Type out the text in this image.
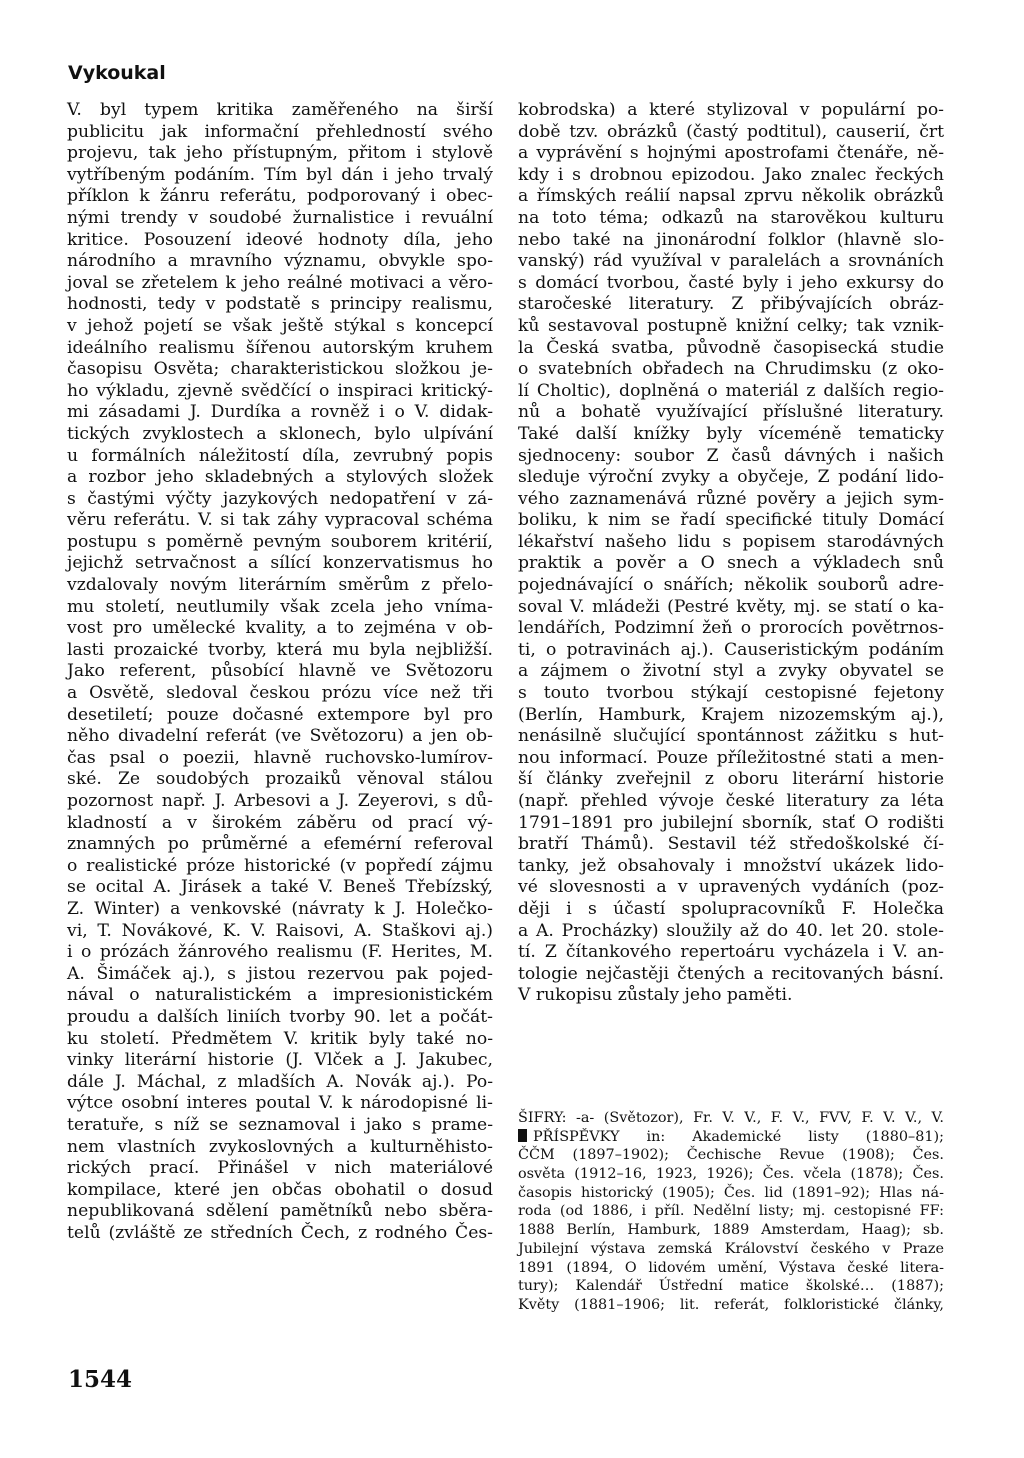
Vykoukal
V. byl typem kritika zaměřeného na širší
publicitu jak informační přehledností svého
projevu, tak jeho přístupným, přitom i stylově
vytříbeným podáním. Tím byl dán i jeho trvalý
příklon k žánru referátu, podporovaný i obec-
nými trendy v soudobé žurnalistice i revuální
kritice. Posouzení ideové hodnoty díla, jeho
národního a mravního významu, obvykle spo-
joval se zřetelem k jeho reálné motivaci a věro-
hodnosti, tedy v podstatě s principy realismu,
v jehož pojetí se však ještě stýkal s koncepcí
ideálního realismu šířenou autorským kruhem
časopisu Osvěta; charakteristickou složkou je-
ho výkladu, zjevně svědčící o inspiraci kritický-
mi zásadami J. Durdíka a rovněž i o V. didak-
tických zvyklostech a sklonech, bylo ulpívání
u formálních náležitostí díla, zevrubný popis
a rozbor jeho skladebných a stylových složek
s častými výčty jazykových nedopatření v zá-
věru referátu. V. si tak záhy vypracoval schéma
postupu s poměrně pevným souborem kritérií,
jejichž setrvačnost a sílící konzervatismus ho
vzdalovaly novým literárním směrům z přelo-
mu století, neutlumily však zcela jeho vníma-
vost pro umělecké kvality, a to zejména v ob-
lasti prozaické tvorby, která mu byla nejbližší.
Jako referent, působící hlavně ve Světozoru
a Osvětě, sledoval českou prózu více než tři
desetiletí; pouze dočasné extempore byl pro
něho divadelní referát (ve Světozoru) a jen ob-
čas psal o poezii, hlavně ruchovsko-lumírov-
ské. Ze soudobých prozaiků věnoval stálou
pozornost např. J. Arbesovi a J. Zeyerovi, s dů-
kladností a v širokém záběru od prací vý-
znamných po průměrné a efemérní referoval
o realistické próze historické (v popředí zájmu
se ocital A. Jirásek a také V. Beneš Třebízský,
Z. Winter) a venkovské (návraty k J. Holečko-
vi, T. Novákové, K. V. Raisovi, A. Staškovi aj.)
i o prózách žánrového realismu (F. Herites, M.
A. Šimáček aj.), s jistou rezervou pak pojed-
nával o naturalistickém a impresionistickém
proudu a dalších liniích tvorby 90. let a počát-
ku století. Předmětem V. kritik byly také no-
vinky literární historie (J. Vlček a J. Jakubec,
dále J. Máchal, z mladších A. Novák aj.). Po-
výtce osobní interes poutal V. k národopisné li-
teratuře, s níž se seznamoval i jako s prame-
nem vlastních zvykoslovných a kulturněhisto-
rických prací. Přinášel v nich materiálové
kompilace, které jen občas obohatil o dosud
nepublikovaná sdělení pamětníků nebo sběra-
telů (zvláště ze středních Čech, z rodného Čes-
kobrodska) a které stylizoval v populární po-
době tzv. obrázků (častý podtitul), causerií, črt
a vyprávění s hojnými apostrofami čtenáře, ně-
kdy i s drobnou epizodou. Jako znalec řeckých
a římských reálií napsal zprvu několik obrázků
na toto téma; odkazů na starověkou kulturu
nebo také na jinonárodní folklor (hlavně slo-
vanský) rád využíval v paralelách a srovnáních
s domácí tvorbou, časté byly i jeho exkursy do
staročeské literatury. Z přibývajících obráz-
ků sestavoval postupně knižní celky; tak vznik-
la Česká svatba, původně časopisecká studie
o svatebních obřadech na Chrudimsku (z oko-
lí Choltic), doplněná o materiál z dalších regio-
nů a bohatě využívající příslušné literatury.
Také další knížky byly víceméně tematicky
sjednoceny: soubor Z časů dávných i našich
sleduje výroční zvyky a obyčeje, Z podání lido-
vého zaznamenává různé pověry a jejich sym-
boliku, k nim se řadí specifické tituly Domácí
lékařství našeho lidu s popisem starodávných
praktik a pověr a O snech a výkladech snů
pojednávající o snářích; několik souborů adre-
soval V. mládeži (Pestré květy, mj. se statí o ka-
lendářích, Podzimní žeň o prorocích povětrnos-
ti, o potravinách aj.). Causeristickým podáním
a zájmem o životní styl a zvyky obyvatel se
s touto tvorbou stýkají cestopisné fejetony
(Berlín, Hamburk, Krajem nizozemským aj.),
nenásilně slučující spontánnost zážitku s hut-
nou informací. Pouze příležitostné stati a men-
ší články zveřejnil z oboru literární historie
(např. přehled vývoje české literatury za léta
1791–1891 pro jubilejní sborník, stať O rodišti
bratří Thámů). Sestavil též středoškolské čí-
tanky, jež obsahovaly i množství ukázek lido-
vé slovesnosti a v upravených vydáních (poz-
ději i s účastí spolupracovníků F. Holečka
a A. Procházky) sloužily až do 40. let 20. stole-
tí. Z čítankového repertoáru vycházela i V. an-
tologie nejčastěji čtených a recitovaných básní.
V rukopisu zůstaly jeho paměti.
ŠIFRY: -a- (Světozor), Fr. V. V., F. V., FVV, F. V. V., V.
PŘÍSPĚVKY in: Akademické listy (1880–81);
ČČM (1897–1902); Čechische Revue (1908); Čes.
osvěta (1912–16, 1923, 1926); Čes. včela (1878); Čes.
časopis historický (1905); Čes. lid (1891–92); Hlas ná-
roda (od 1886, i příl. Nedělní listy; mj. cestopisné FF:
1888 Berlín, Hamburk, 1889 Amsterdam, Haag); sb.
Jubilejní výstava zemská Království českého v Praze
1891 (1894, O lidovém umění, Výstava české litera-
tury); Kalendář Ústřední matice školské… (1887);
Květy (1881–1906; lit. referát, folkloristické články,
1544
